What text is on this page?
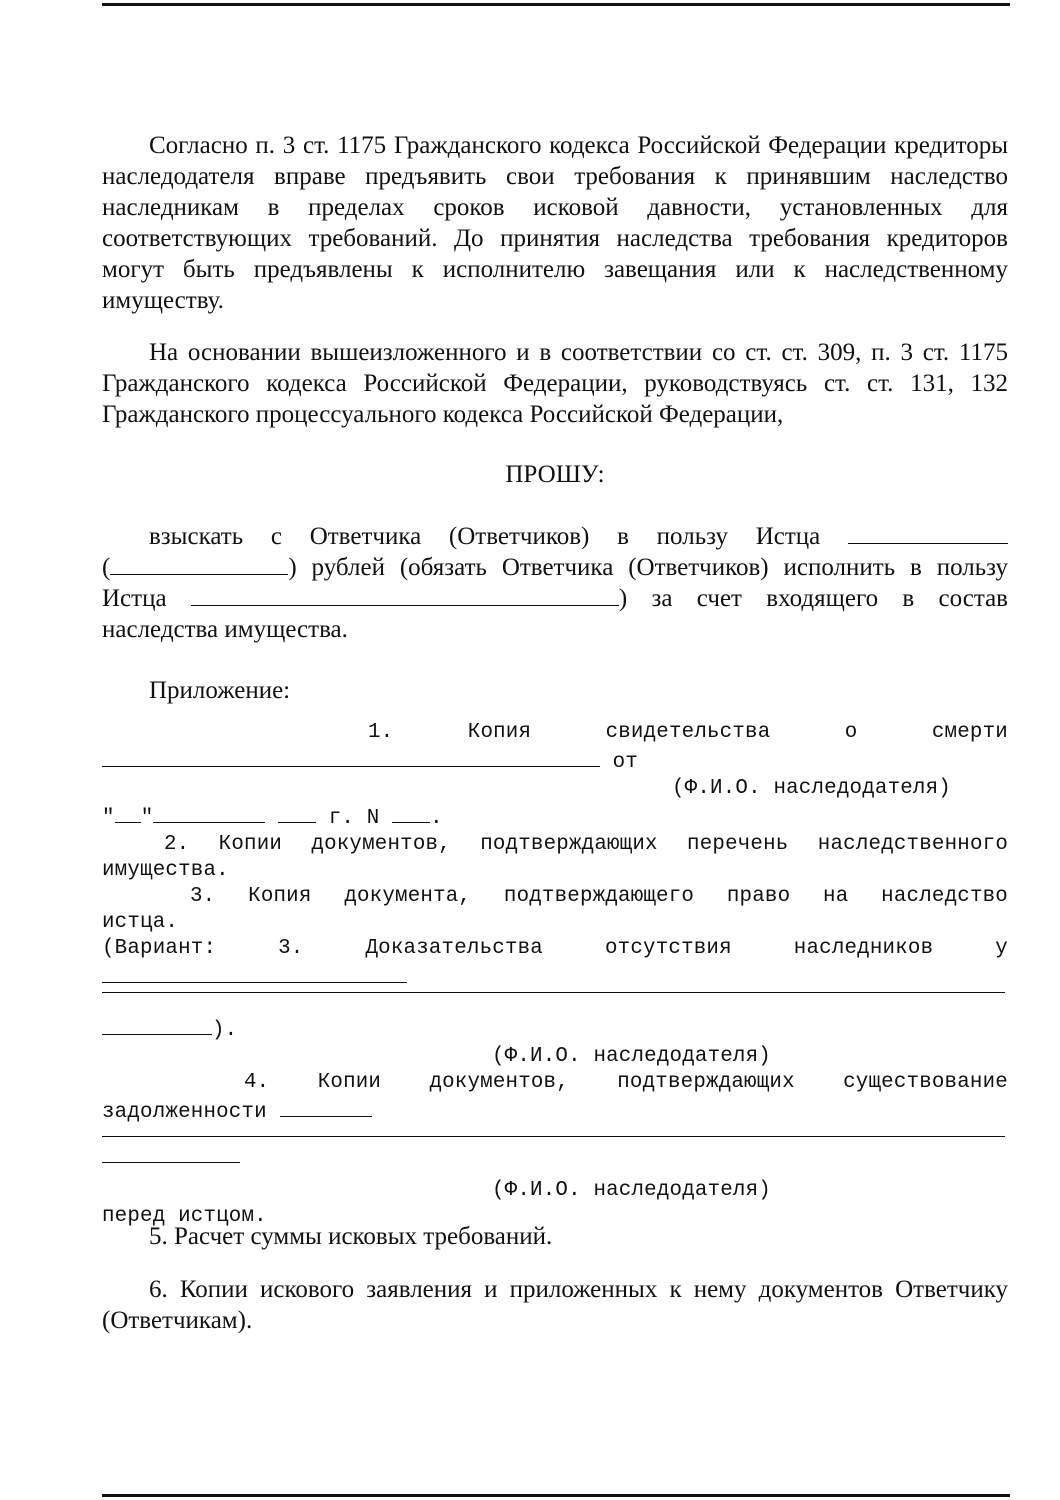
Согласно п. 3 ст. 1175 Гражданского кодекса Российской Федерации кредиторы наследодателя вправе предъявить свои требования к принявшим наследство наследникам в пределах сроков исковой давности, установленных для соответствующих требований. До принятия наследства требования кредиторов могут быть предъявлены к исполнителю завещания или к наследственному имуществу.
На основании вышеизложенного и в соответствии со ст. ст. 309, п. 3 ст. 1175 Гражданского кодекса Российской Федерации, руководствуясь ст. ст. 131, 132 Гражданского процессуального кодекса Российской Федерации,
ПРОШУ:
взыскать с Ответчика (Ответчиков) в пользу Истца
(	) рублей (обязать Ответчика (Ответчиков) исполнить в пользу
Истца	) за счет входящего в состав
наследства имущества.
Приложение:
1.	Копия	свидетельства	о	смерти
от
(Ф.И.О. наследодателя)
" "	г. N .
2. Копии документов, подтверждающих перечень наследственного
имущества.
3. Копия документа, подтверждающего право на наследство
истца.
(Вариант:	3.	Доказательства	отсутствия	наследников	у
).
(Ф.И.О. наследодателя)
4. Копии документов, подтверждающих существование
задолженности
(Ф.И.О. наследодателя)
перед истцом.
5. Расчет суммы исковых требований.
6. Копии искового заявления и приложенных к нему документов Ответчику (Ответчикам).
